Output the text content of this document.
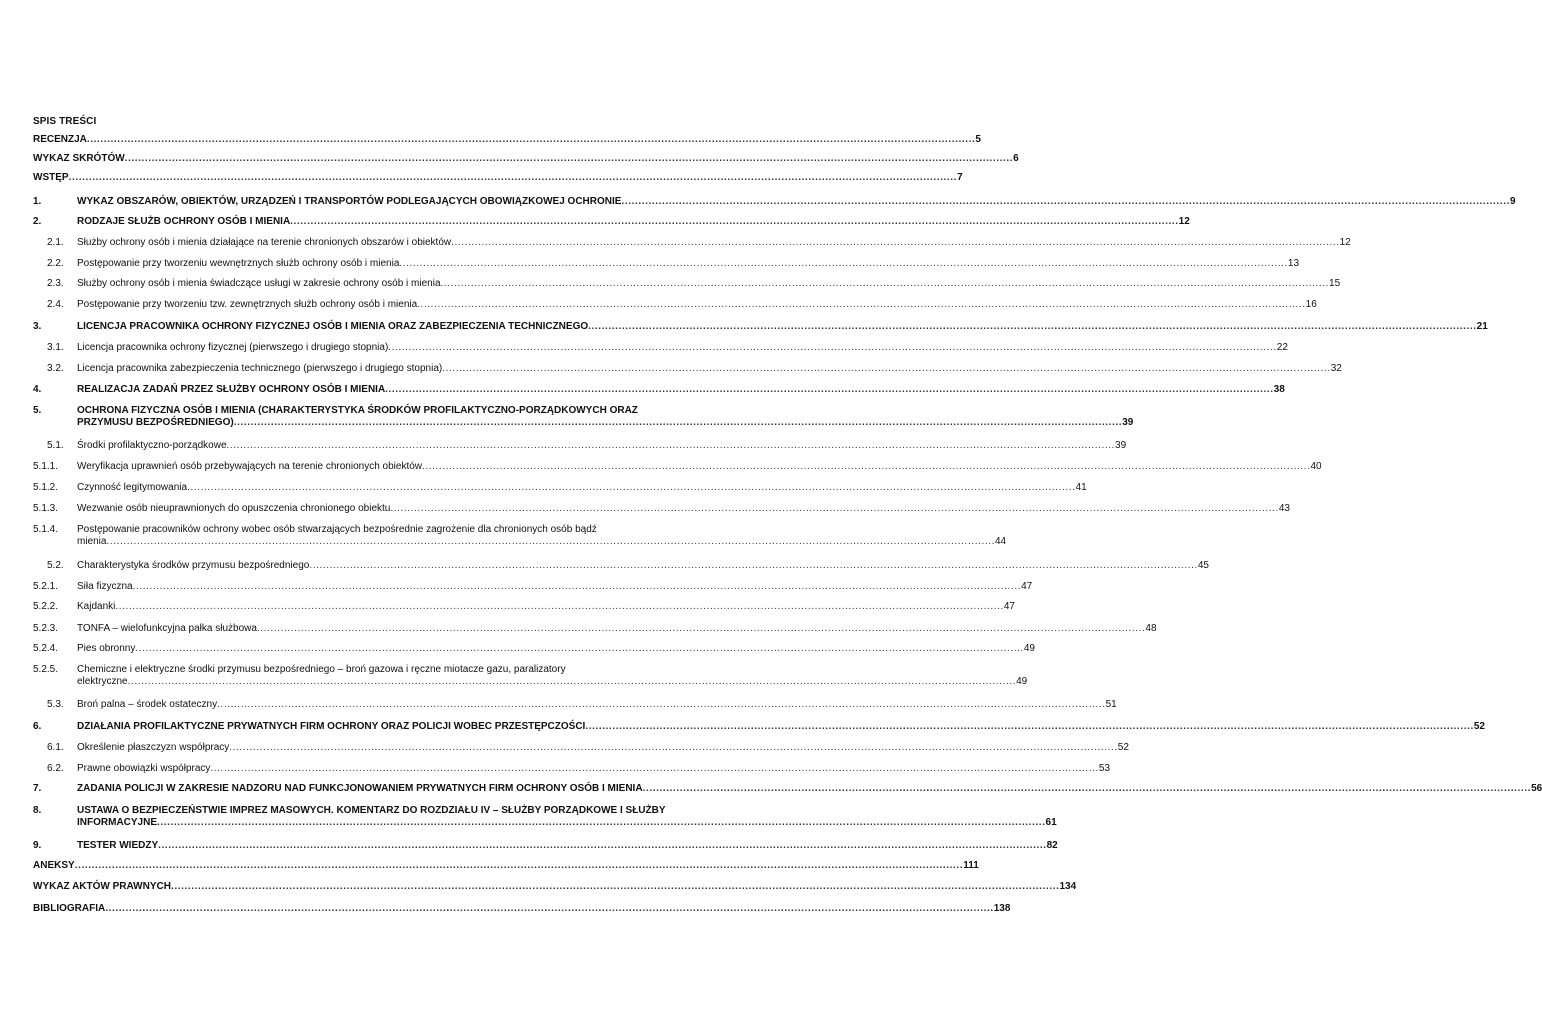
SPIS TREŚCI
RECENZJA .....	5
WYKAZ SKRÓTÓW .....	6
WSTĘP .....	7
1.	WYKAZ OBSZARÓW, OBIEKTÓW, URZĄDZEŃ I TRANSPORTÓW PODLEGAJĄCYCH OBOWIĄZKOWEJ OCHRONIE .....	9
2.	RODZAJE SŁUŻB OCHRONY OSÓB I MIENIA .....	12
2.1.	Służby ochrony osób i mienia działające na terenie chronionych obszarów i obiektów .....	12
2.2.	Postępowanie przy tworzeniu wewnętrznych służb ochrony osób i mienia .....	13
2.3.	Służby ochrony osób i mienia świadczące usługi w zakresie ochrony osób i mienia .....	15
2.4.	Postępowanie przy tworzeniu tzw. zewnętrznych służb ochrony osób i mienia .....	16
3.	LICENCJA PRACOWNIKA OCHRONY FIZYCZNEJ OSÓB I MIENIA ORAZ ZABEZPIECZENIA TECHNICZNEGO .....	21
3.1.	Licencja pracownika ochrony fizycznej (pierwszego i drugiego stopnia) .....	22
3.2.	Licencja pracownika zabezpieczenia technicznego (pierwszego i drugiego stopnia) .....	32
4.	REALIZACJA ZADAŃ PRZEZ SŁUŻBY OCHRONY OSÓB I MIENIA .....	38
5.	OCHRONA FIZYCZNA OSÓB I MIENIA (CHARAKTERYSTYKA ŚRODKÓW PROFILAKTYCZNO-PORZĄDKOWYCH ORAZ
PRZYMUSU BEZPOŚREDNIEGO) .....	39
5.1.	Środki profilaktyczno-porządkowe .....	39
5.1.1.	Weryfikacja uprawnień osób przebywających na terenie chronionych obiektów .....	40
5.1.2.	Czynność legitymowania .....	41
5.1.3.	Wezwanie osób nieuprawnionych do opuszczenia chronionego obiektu .....	43
5.1.4.	Postępowanie pracowników ochrony wobec osób stwarzających bezpośrednie zagrożenie dla chronionych osób bądź
mienia .....	44
5.2.	Charakterystyka środków przymusu bezpośredniego .....	45
5.2.1.	Siła fizyczna .....	47
5.2.2.	Kajdanki .....	47
5.2.3.	TONFA – wielofunkcyjna pałka służbowa .....	48
5.2.4.	Pies obronny .....	49
5.2.5.	Chemiczne i elektryczne środki przymusu bezpośredniego – broń gazowa i ręczne miotacze gazu, paralizatory
elektryczne .....	49
5.3.	Broń palna – środek ostateczny .....	51
6.	DZIAŁANIA PROFILAKTYCZNE PRYWATNYCH FIRM OCHRONY ORAZ POLICJI WOBEC PRZESTĘPCZOŚCI .....	52
6.1.	Określenie płaszczyzn współpracy .....	52
6.2.	Prawne obowiązki współpracy .....	53
7.	ZADANIA POLICJI W ZAKRESIE NADZORU NAD FUNKCJONOWANIEM PRYWATNYCH FIRM OCHRONY OSÓB I MIENIA .....	56
8.	USTAWA O BEZPIECZEŃSTWIE IMPREZ MASOWYCH. KOMENTARZ DO ROZDZIAŁU IV – SŁUŻBY PORZĄDKOWE I SŁUŻBY
INFORMACYJNE .....	61
9.	TESTER WIEDZY .....	82
ANEKSY .....	111
WYKAZ AKTÓW PRAWNYCH .....	134
BIBLIOGRAFIA .....	138
